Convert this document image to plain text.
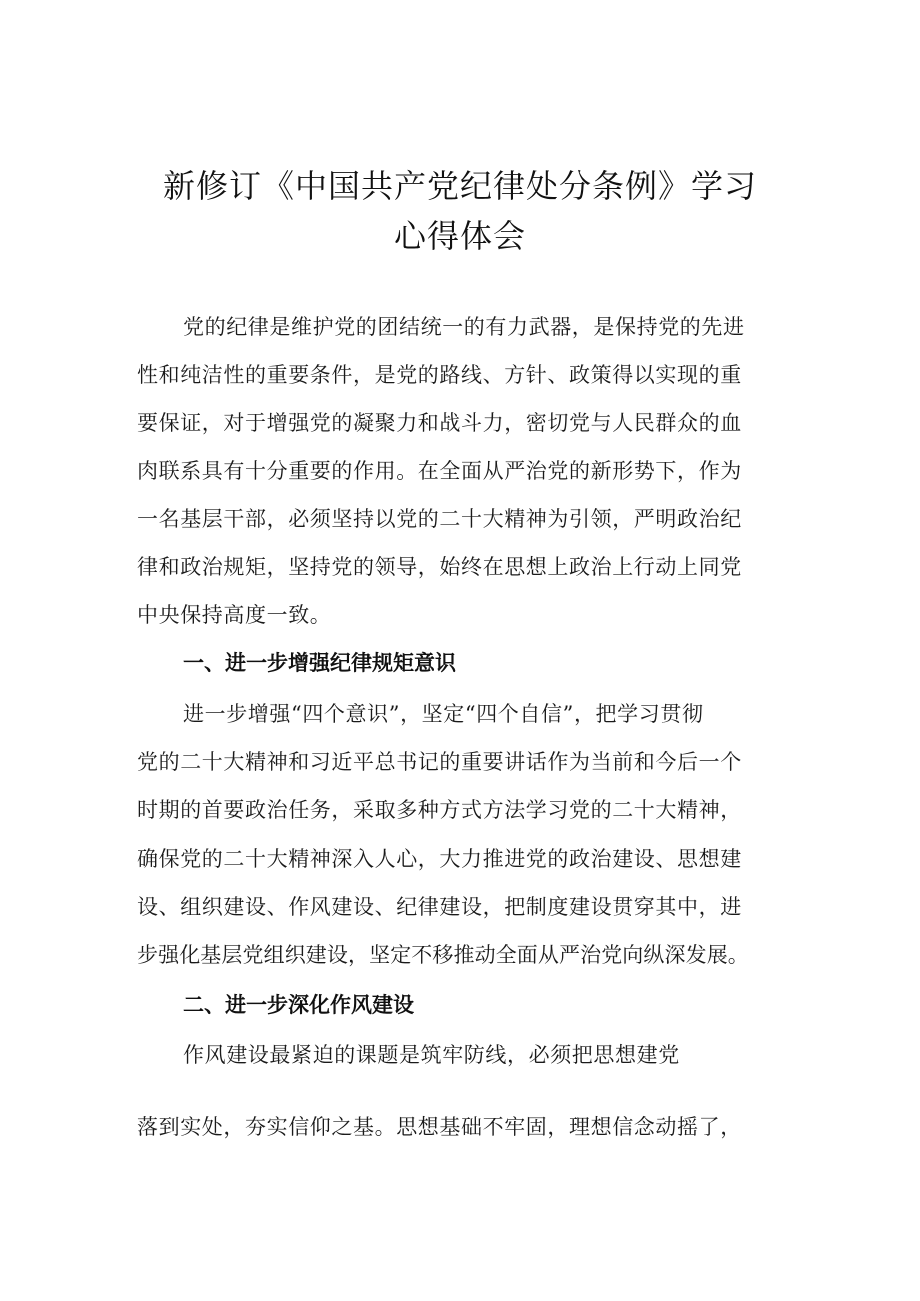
新修订《中国共产党纪律处分条例》学习
心得体会
党的纪律是维护党的团结统一的有力武器，是保持党的先进
性和纯洁性的重要条件，是党的路线、方针、政策得以实现的重
要保证，对于增强党的凝聚力和战斗力，密切党与人民群众的血
肉联系具有十分重要的作用。在全面从严治党的新形势下，作为
一名基层干部，必须坚持以党的二十大精神为引领，严明政治纪
律和政治规矩，坚持党的领导，始终在思想上政治上行动上同党
中央保持高度一致。
一、进一步增强纪律规矩意识
进一步增强“四个意识”，坚定“四个自信”，把学习贯彻
党的二十大精神和习近平总书记的重要讲话作为当前和今后一个
时期的首要政治任务，采取多种方式方法学习党的二十大精神，
确保党的二十大精神深入人心，大力推进党的政治建设、思想建
设、组织建设、作风建设、纪律建设，把制度建设贯穿其中，进
步强化基层党组织建设，坚定不移推动全面从严治党向纵深发展。
二、进一步深化作风建设
作风建设最紧迫的课题是筑牢防线，必须把思想建党
落到实处，夯实信仰之基。思想基础不牢固，理想信念动摇了，
